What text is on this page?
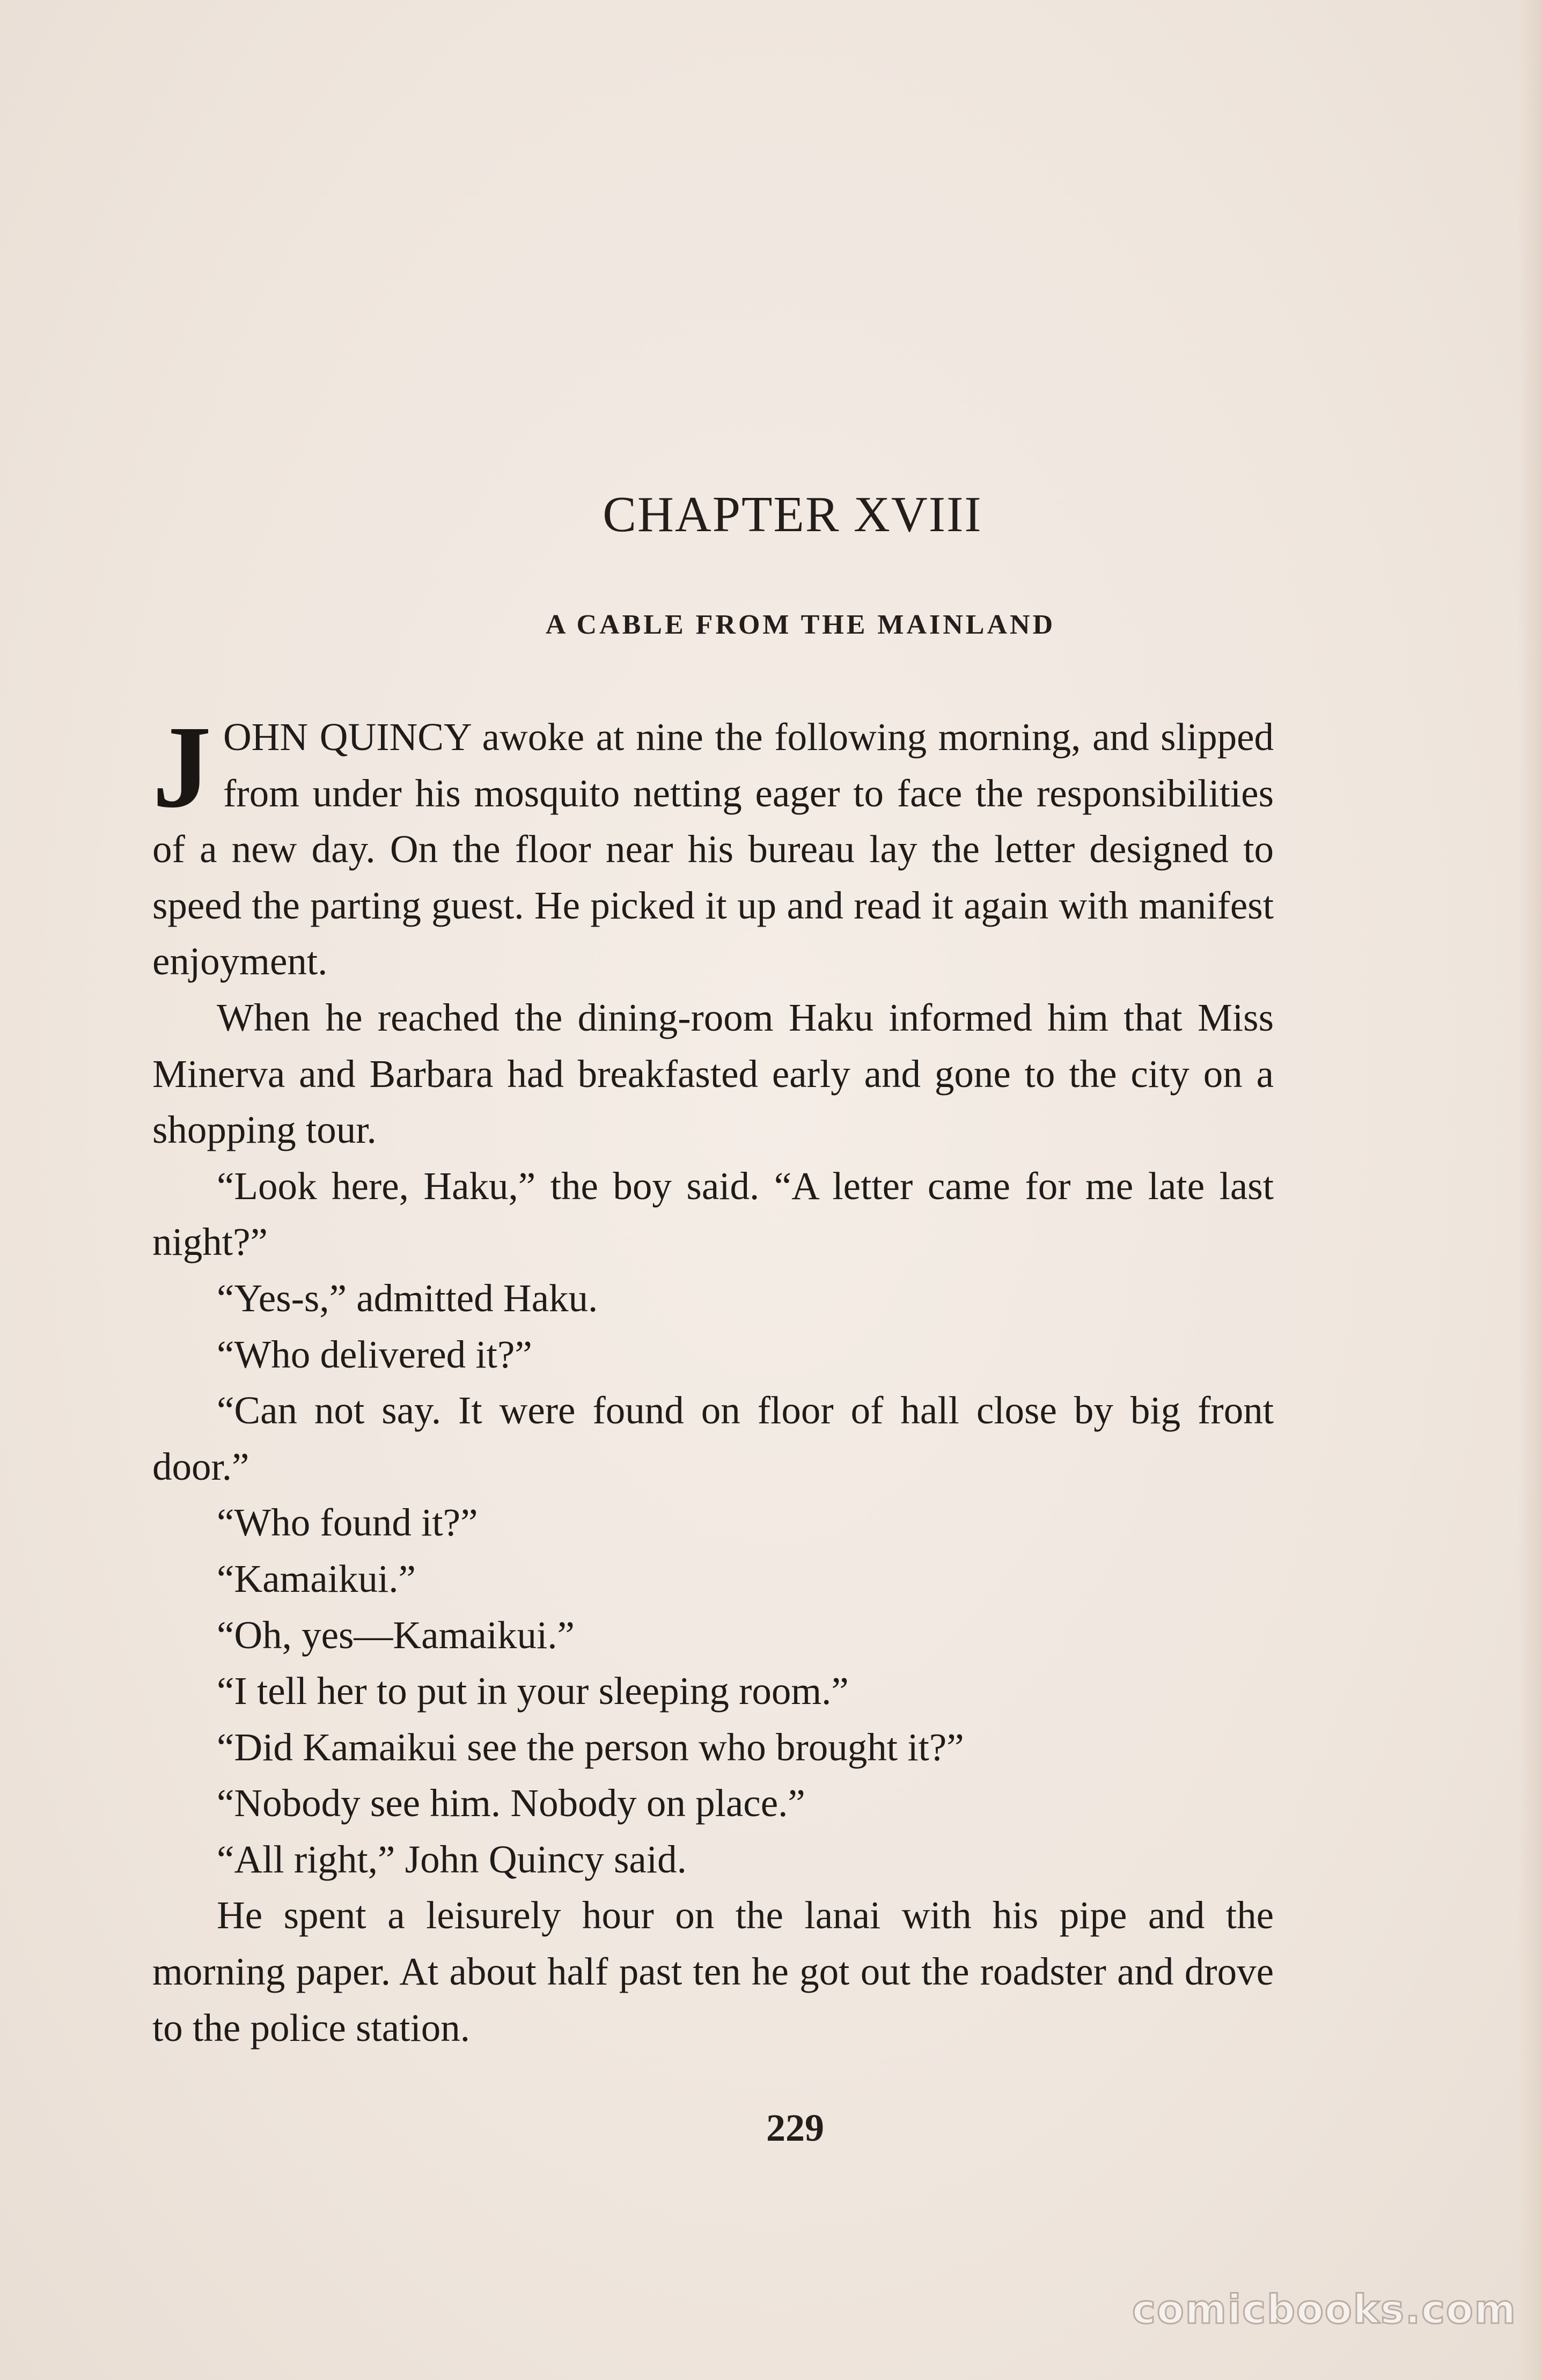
CHAPTER XVIII
A CABLE FROM THE MAINLAND

JOHN QUINCY awoke at nine the following morning, and slipped from under his mosquito netting eager to face the responsibilities of a new day. On the floor near his bureau lay the letter designed to speed the parting guest. He picked it up and read it again with manifest enjoyment.

When he reached the dining-room Haku informed him that Miss Minerva and Barbara had breakfasted early and gone to the city on a shopping tour.

“Look here, Haku,” the boy said. “A letter came for me late last night?”

“Yes-s,” admitted Haku.

“Who delivered it?”

“Can not say. It were found on floor of hall close by big front door.”

“Who found it?”

“Kamaikui.”

“Oh, yes—Kamaikui.”

“I tell her to put in your sleeping room.”

“Did Kamaikui see the person who brought it?”

“Nobody see him. Nobody on place.”

“All right,” John Quincy said.

He spent a leisurely hour on the lanai with his pipe and the morning paper. At about half past ten he got out the roadster and drove to the police station.

229
comicbooks.com
